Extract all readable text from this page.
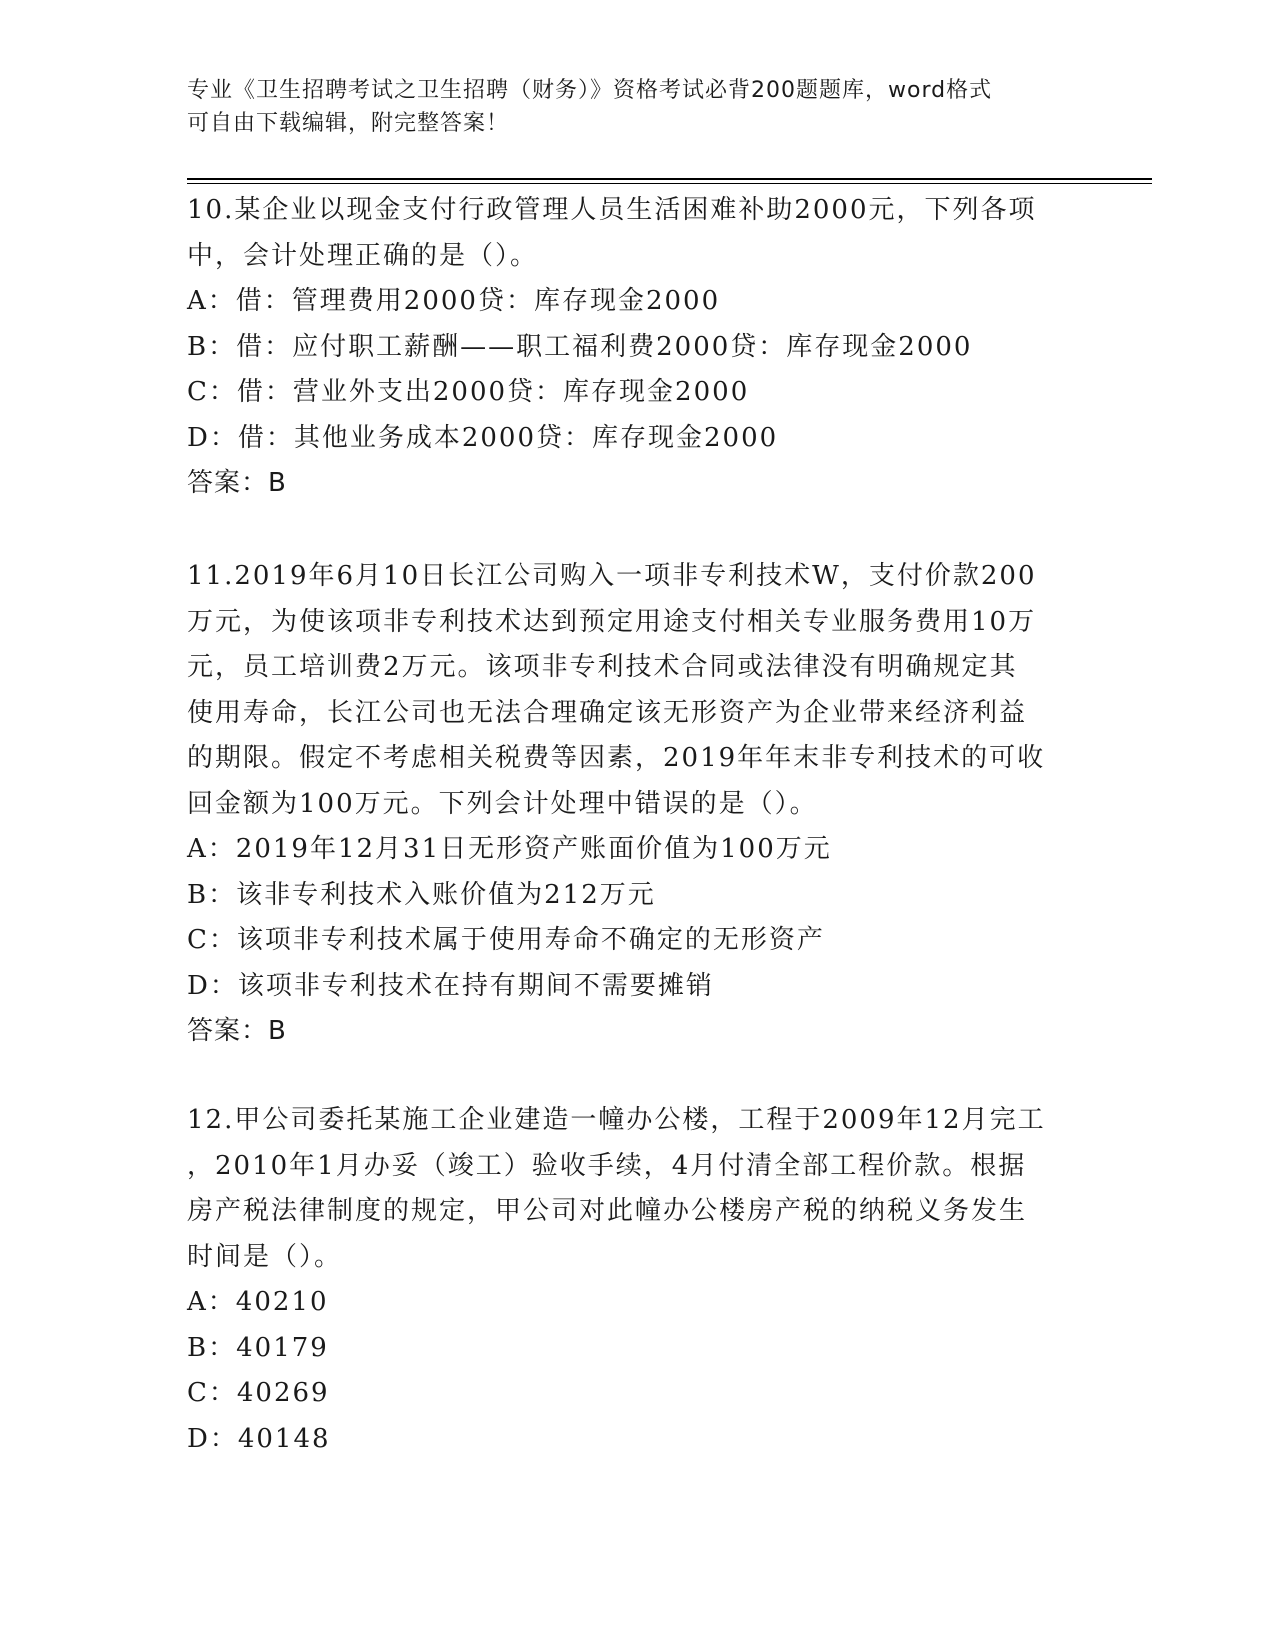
专业《卫生招聘考试之卫生招聘（财务）》资格考试必背200题题库，word格式
可自由下载编辑，附完整答案！
10.某企业以现金支付行政管理人员生活困难补助2000元，下列各项
中，会计处理正确的是（）。
A：借：管理费用2000贷：库存现金2000
B：借：应付职工薪酬——职工福利费2000贷：库存现金2000
C：借：营业外支出2000贷：库存现金2000
D：借：其他业务成本2000贷：库存现金2000
答案：B
11.2019年6月10日长江公司购入一项非专利技术W，支付价款200
万元，为使该项非专利技术达到预定用途支付相关专业服务费用10万
元，员工培训费2万元。该项非专利技术合同或法律没有明确规定其
使用寿命，长江公司也无法合理确定该无形资产为企业带来经济利益
的期限。假定不考虑相关税费等因素，2019年年末非专利技术的可收
回金额为100万元。下列会计处理中错误的是（）。
A：2019年12月31日无形资产账面价值为100万元
B：该非专利技术入账价值为212万元
C：该项非专利技术属于使用寿命不确定的无形资产
D：该项非专利技术在持有期间不需要摊销
答案：B
12.甲公司委托某施工企业建造一幢办公楼，工程于2009年12月完工
，2010年1月办妥（竣工）验收手续，4月付清全部工程价款。根据
房产税法律制度的规定，甲公司对此幢办公楼房产税的纳税义务发生
时间是（）。
A：40210
B：40179
C：40269
D：40148
